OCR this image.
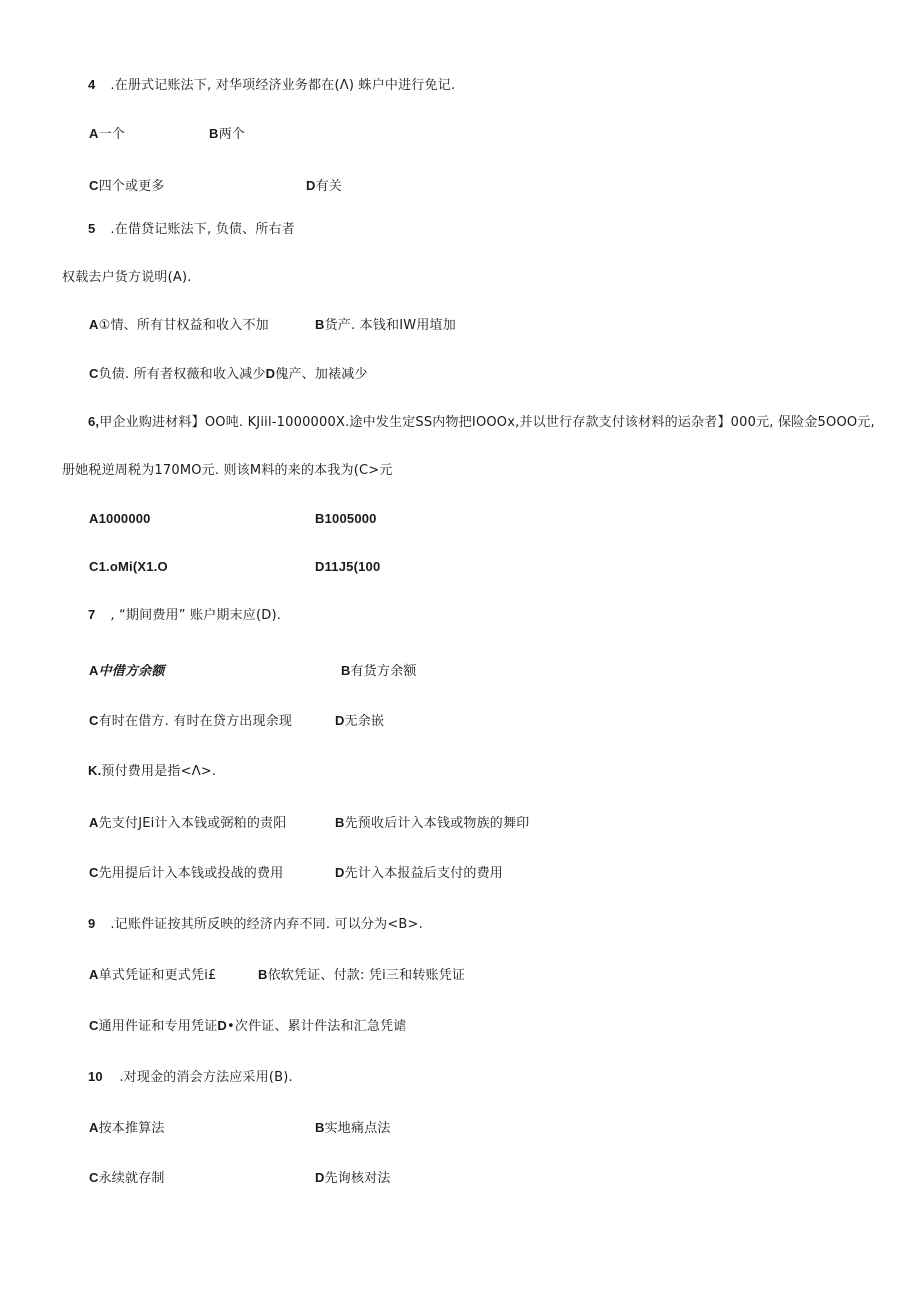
4 .在册式记账法下, 对华项经济业务都在(Λ) 蛛户中进行免记.
A一个	B两个
C四个或更多	D有关
5 .在借贷记账法下, 负债、所右者
权载去户货方说明(A).
A①情、所有甘权益和收入不加	B货产. 本钱和IW用埴加
C负债. 所有者权薇和收入减少D傀产、加裱减少
6,甲企业购进材料】OO吨. KJiil-1000000X.途中发生定SS内物把IOOOx,并以世行存款支付该材料的运杂者】000元, 保险金5OOO元,
册她税逆周税为170MO元. 则该M料的来的本我为(C>元
A1000000	B1005000
C1.oMi(X1.O	D11J5(100
7 , “期间费用” 账户期末应(D).
A中借方余额	B有货方余额
C有时在借方. 有时在贷方出现余现	D无余嵌
K.预付费用是指<Λ>.
A先支付JEi计入本钱或弼粕的责阳	B先预收后计入本钱或物族的舞印
C先用提后计入本钱或投战的费用	D先计入本报益后支付的费用
9 .记账件证按其所反映的经济内弃不同. 可以分为<B>.
A单式凭证和更式凭i£	B依软凭证、付款: 凭i三和转账凭证
C通用件证和专用凭证D•次件证、累计件法和汇急凭谑
10 .对现金的消会方法应采用(B).
A按本推算法	B实地痛点法
C永续就存制	D先询核对法
